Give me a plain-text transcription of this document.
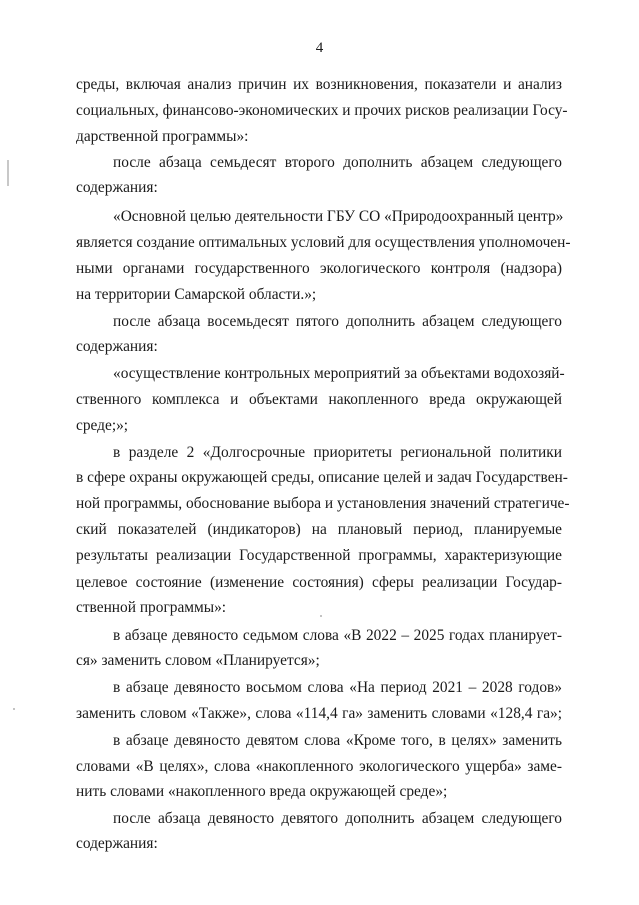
4
среды, включая анализ причин их возникновения, показатели и анализ
социальных, финансово-экономических и прочих рисков реализации Госу-
дарственной программы»:
после абзаца семьдесят второго дополнить абзацем следующего
содержания:
«Основной целью деятельности ГБУ СО «Природоохранный центр»
является создание оптимальных условий для осуществления уполномочен-
ными органами государственного экологического контроля (надзора)
на территории Самарской области.»;
после абзаца восемьдесят пятого дополнить абзацем следующего
содержания:
«осуществление контрольных мероприятий за объектами водохозяй-
ственного комплекса и объектами накопленного вреда окружающей
среде;»;
в разделе 2 «Долгосрочные приоритеты региональной политики
в сфере охраны окружающей среды, описание целей и задач Государствен-
ной программы, обоснование выбора и установления значений стратегиче-
ский показателей (индикаторов) на плановый период, планируемые
результаты реализации Государственной программы, характеризующие
целевое состояние (изменение состояния) сферы реализации Государ-
ственной программы»:
в абзаце девяносто седьмом слова «В 2022 – 2025 годах планирует-
ся» заменить словом «Планируется»;
в абзаце девяносто восьмом слова «На период 2021 – 2028 годов»
заменить словом «Также», слова «114,4 га» заменить словами «128,4 га»;
в абзаце девяносто девятом слова «Кроме того, в целях» заменить
словами «В целях», слова «накопленного экологического ущерба» заме-
нить словами «накопленного вреда окружающей среде»;
после абзаца девяносто девятого дополнить абзацем следующего
содержания:
